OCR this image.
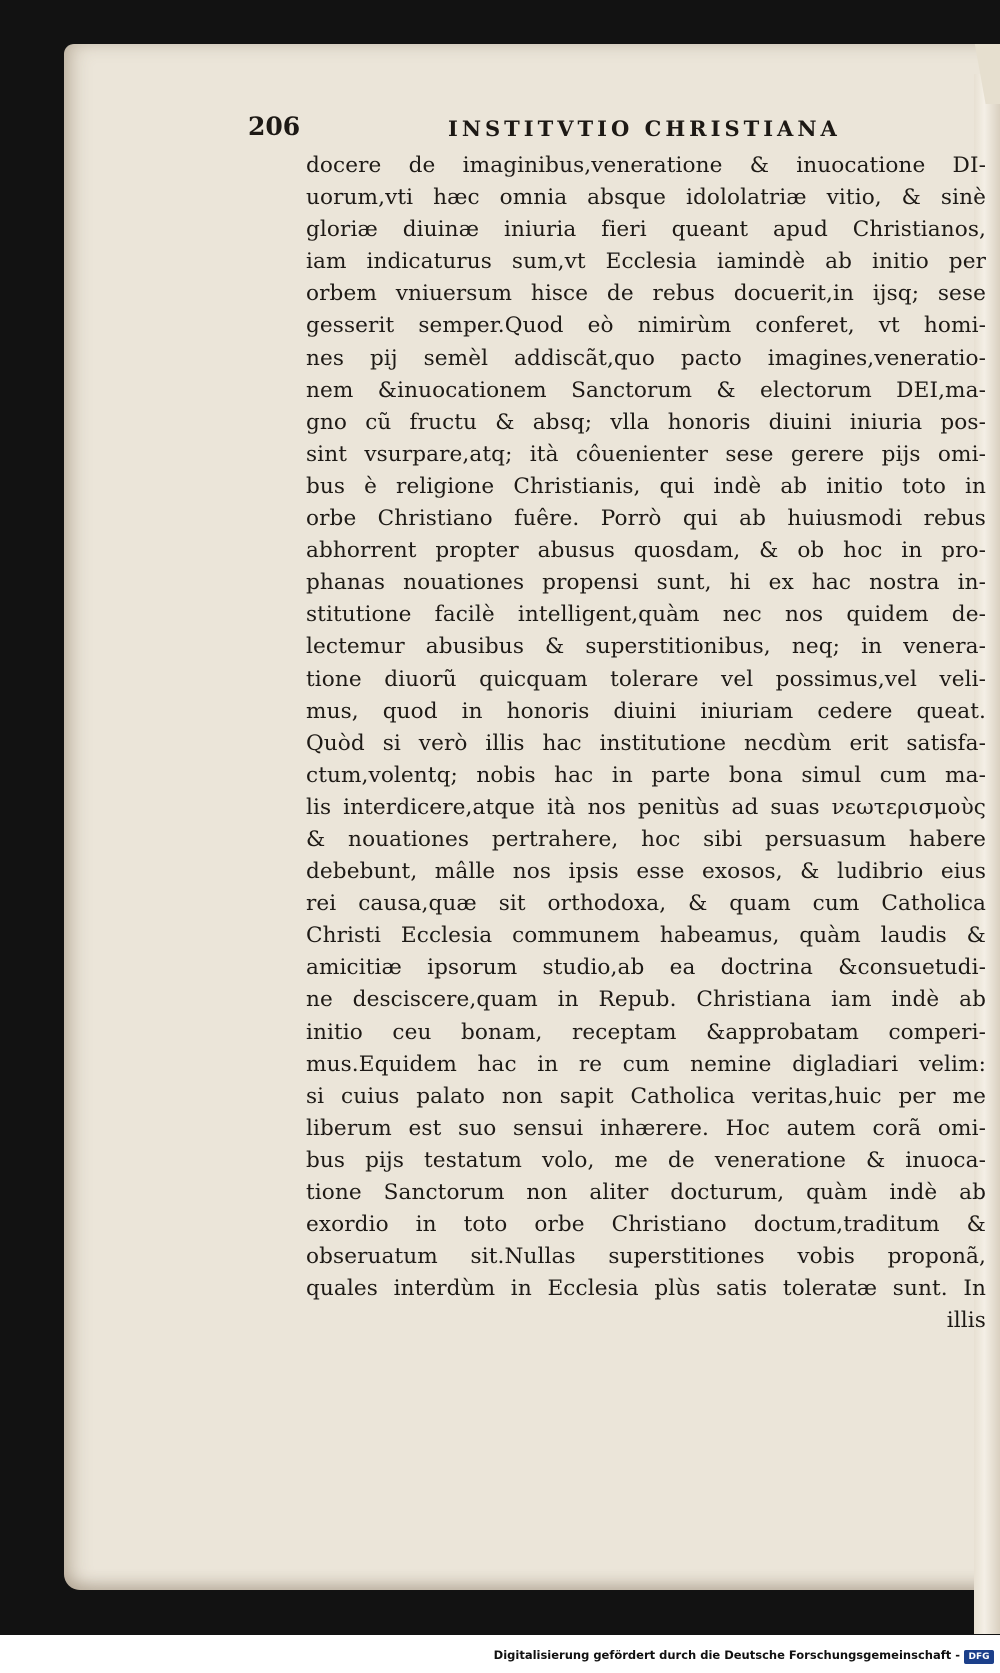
206	INSTITVTIO CHRISTIANA
docere de imaginibus,veneratione & inuocatione DI-
uorum,vti hæc omnia absque idololatriæ vitio, & sinè
gloriæ diuinæ iniuria fieri queant apud Christianos,
iam indicaturus sum,vt Ecclesia iamindè ab initio per
orbem vniuersum hisce de rebus docuerit,in ijsq; sese
gesserit semper.Quod eò nimirùm conferet, vt homi-
nes pij semèl addiscãt,quo pacto imagines,veneratio-
nem &inuocationem Sanctorum & electorum DEI,ma-
gno cũ fructu & absq; vlla honoris diuini iniuria pos-
sint vsurpare,atq; ità côuenienter sese gerere pijs omi-
bus è religione Christianis, qui indè ab initio toto in
orbe Christiano fuêre. Porrò qui ab huiusmodi rebus
abhorrent propter abusus quosdam, & ob hoc in pro-
phanas nouationes propensi sunt, hi ex hac nostra in-
stitutione facilè intelligent,quàm nec nos quidem de-
lectemur abusibus & superstitionibus, neq; in venera-
tione diuorũ quicquam tolerare vel possimus,vel veli-
mus, quod in honoris diuini iniuriam cedere queat.
Quòd si verò illis hac institutione necdùm erit satisfa-
ctum,volentq; nobis hac in parte bona simul cum ma-
lis interdicere,atque ità nos penitùs ad suas νεωτερισμοὺς
& nouationes pertrahere, hoc sibi persuasum habere
debebunt, mâlle nos ipsis esse exosos, & ludibrio eius
rei causa,quæ sit orthodoxa, & quam cum Catholica
Christi Ecclesia communem habeamus, quàm laudis &
amicitiæ ipsorum studio,ab ea doctrina &consuetudi-
ne desciscere,quam in Repub. Christiana iam indè ab
initio ceu bonam, receptam &approbatam comperi-
mus.Equidem hac in re cum nemine digladiari velim:
si cuius palato non sapit Catholica veritas,huic per me
liberum est suo sensui inhærere. Hoc autem corã omi-
bus pijs testatum volo, me de veneratione & inuoca-
tione Sanctorum non aliter docturum, quàm indè ab
exordio in toto orbe Christiano doctum,traditum &
obseruatum sit.Nullas superstitiones vobis proponã,
quales interdùm in Ecclesia plùs satis toleratæ sunt. In
illis
Digitalisierung gefördert durch die Deutsche Forschungsgemeinschaft - DFG
